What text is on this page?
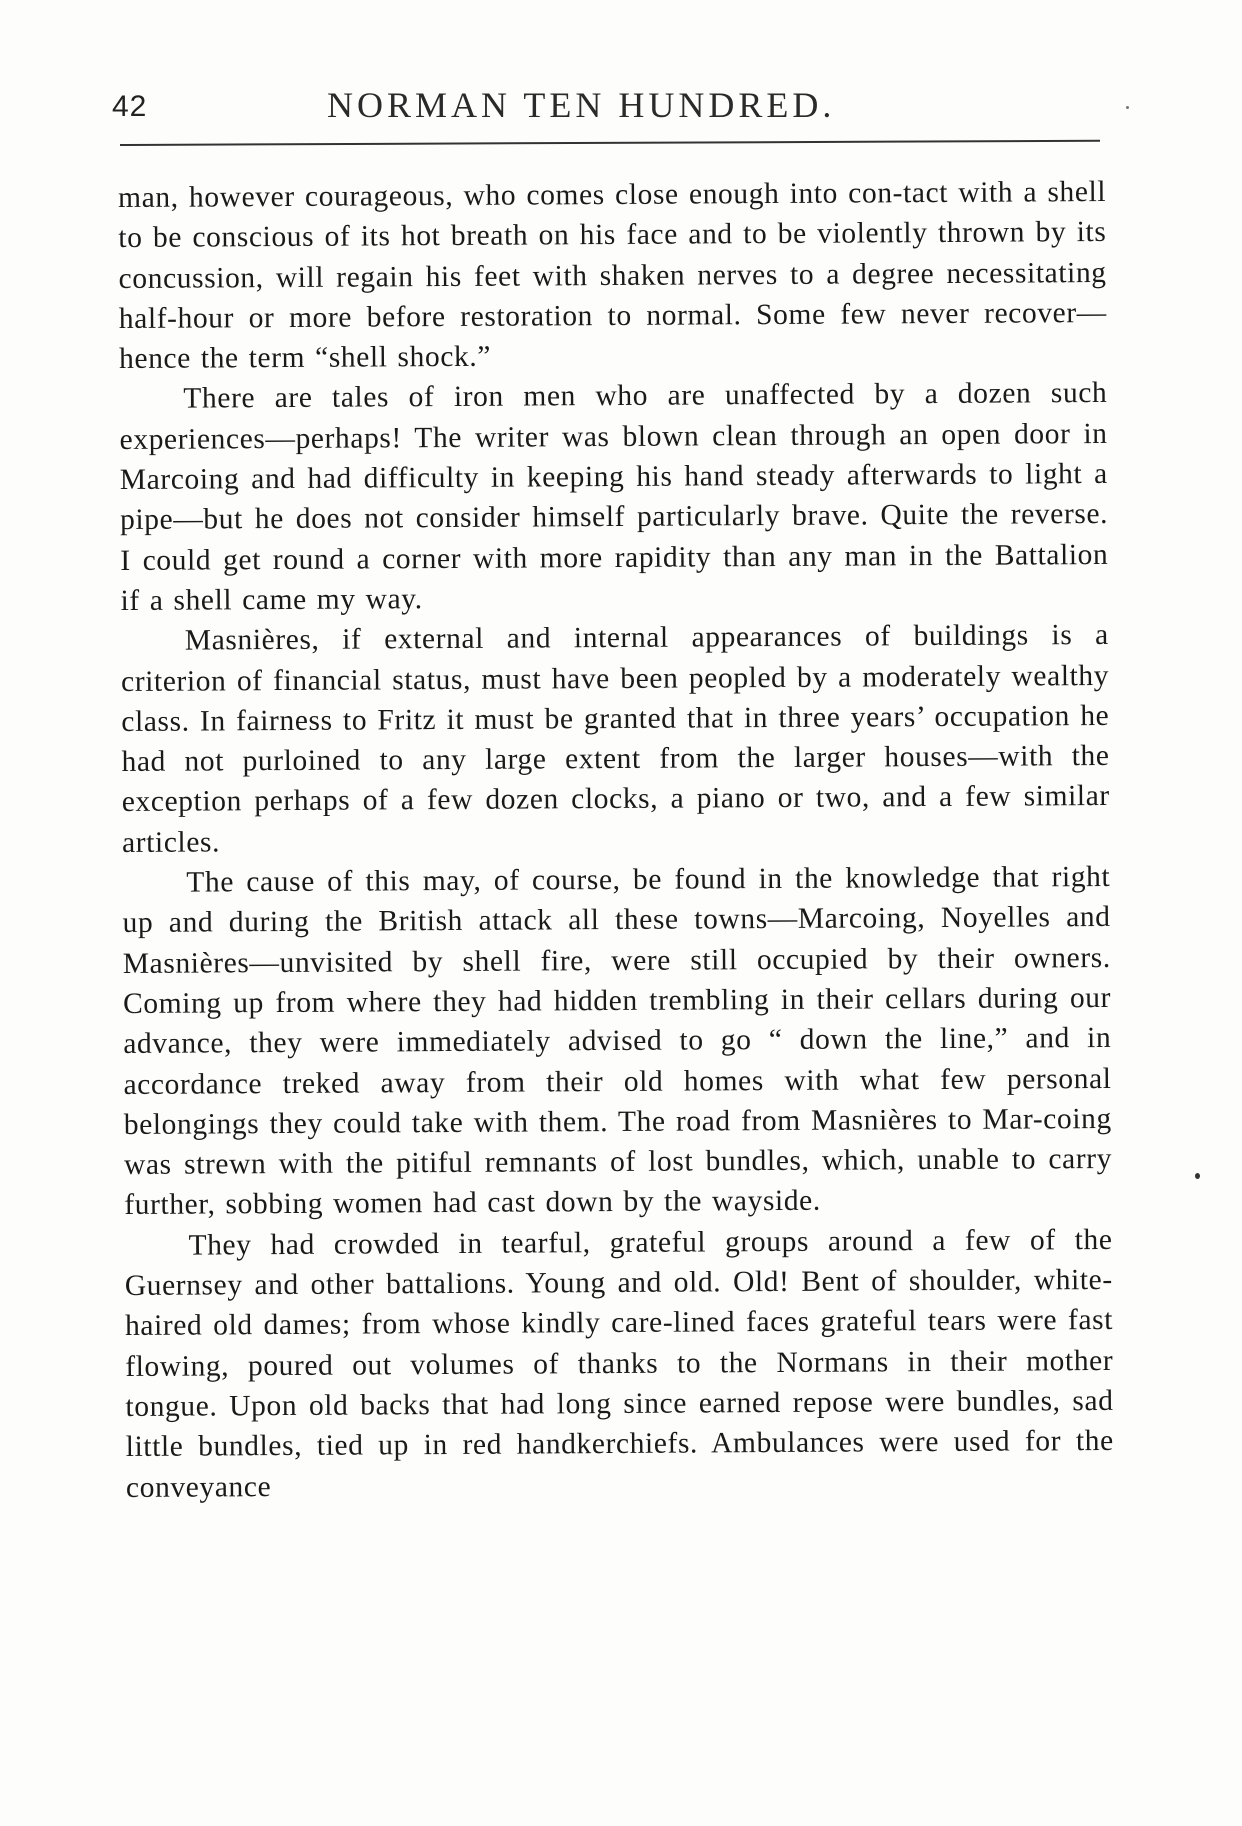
42	NORMAN TEN HUNDRED.

man, however courageous, who comes close enough into con-tact with a shell to be conscious of its hot breath on his face and to be violently thrown by its concussion, will regain his feet with shaken nerves to a degree necessitating half-hour or more before restoration to normal. Some few never recover—hence the term “shell shock.”

There are tales of iron men who are unaffected by a dozen such experiences—perhaps! The writer was blown clean through an open door in Marcoing and had difficulty in keeping his hand steady afterwards to light a pipe—but he does not consider himself particularly brave. Quite the reverse. I could get round a corner with more rapidity than any man in the Battalion if a shell came my way.

Masnières, if external and internal appearances of buildings is a criterion of financial status, must have been peopled by a moderately wealthy class. In fairness to Fritz it must be granted that in three years’ occupation he had not purloined to any large extent from the larger houses—with the exception perhaps of a few dozen clocks, a piano or two, and a few similar articles.

The cause of this may, of course, be found in the knowledge that right up and during the British attack all these towns—Marcoing, Noyelles and Masnières—unvisited by shell fire, were still occupied by their owners. Coming up from where they had hidden trembling in their cellars during our advance, they were immediately advised to go “ down the line,” and in accordance treked away from their old homes with what few personal belongings they could take with them. The road from Masnières to Mar-coing was strewn with the pitiful remnants of lost bundles, which, unable to carry further, sobbing women had cast down by the wayside.

They had crowded in tearful, grateful groups around a few of the Guernsey and other battalions. Young and old. Old! Bent of shoulder, white-haired old dames; from whose kindly care-lined faces grateful tears were fast flowing, poured out volumes of thanks to the Normans in their mother tongue. Upon old backs that had long since earned repose were bundles, sad little bundles, tied up in red handkerchiefs. Ambulances were used for the conveyance
